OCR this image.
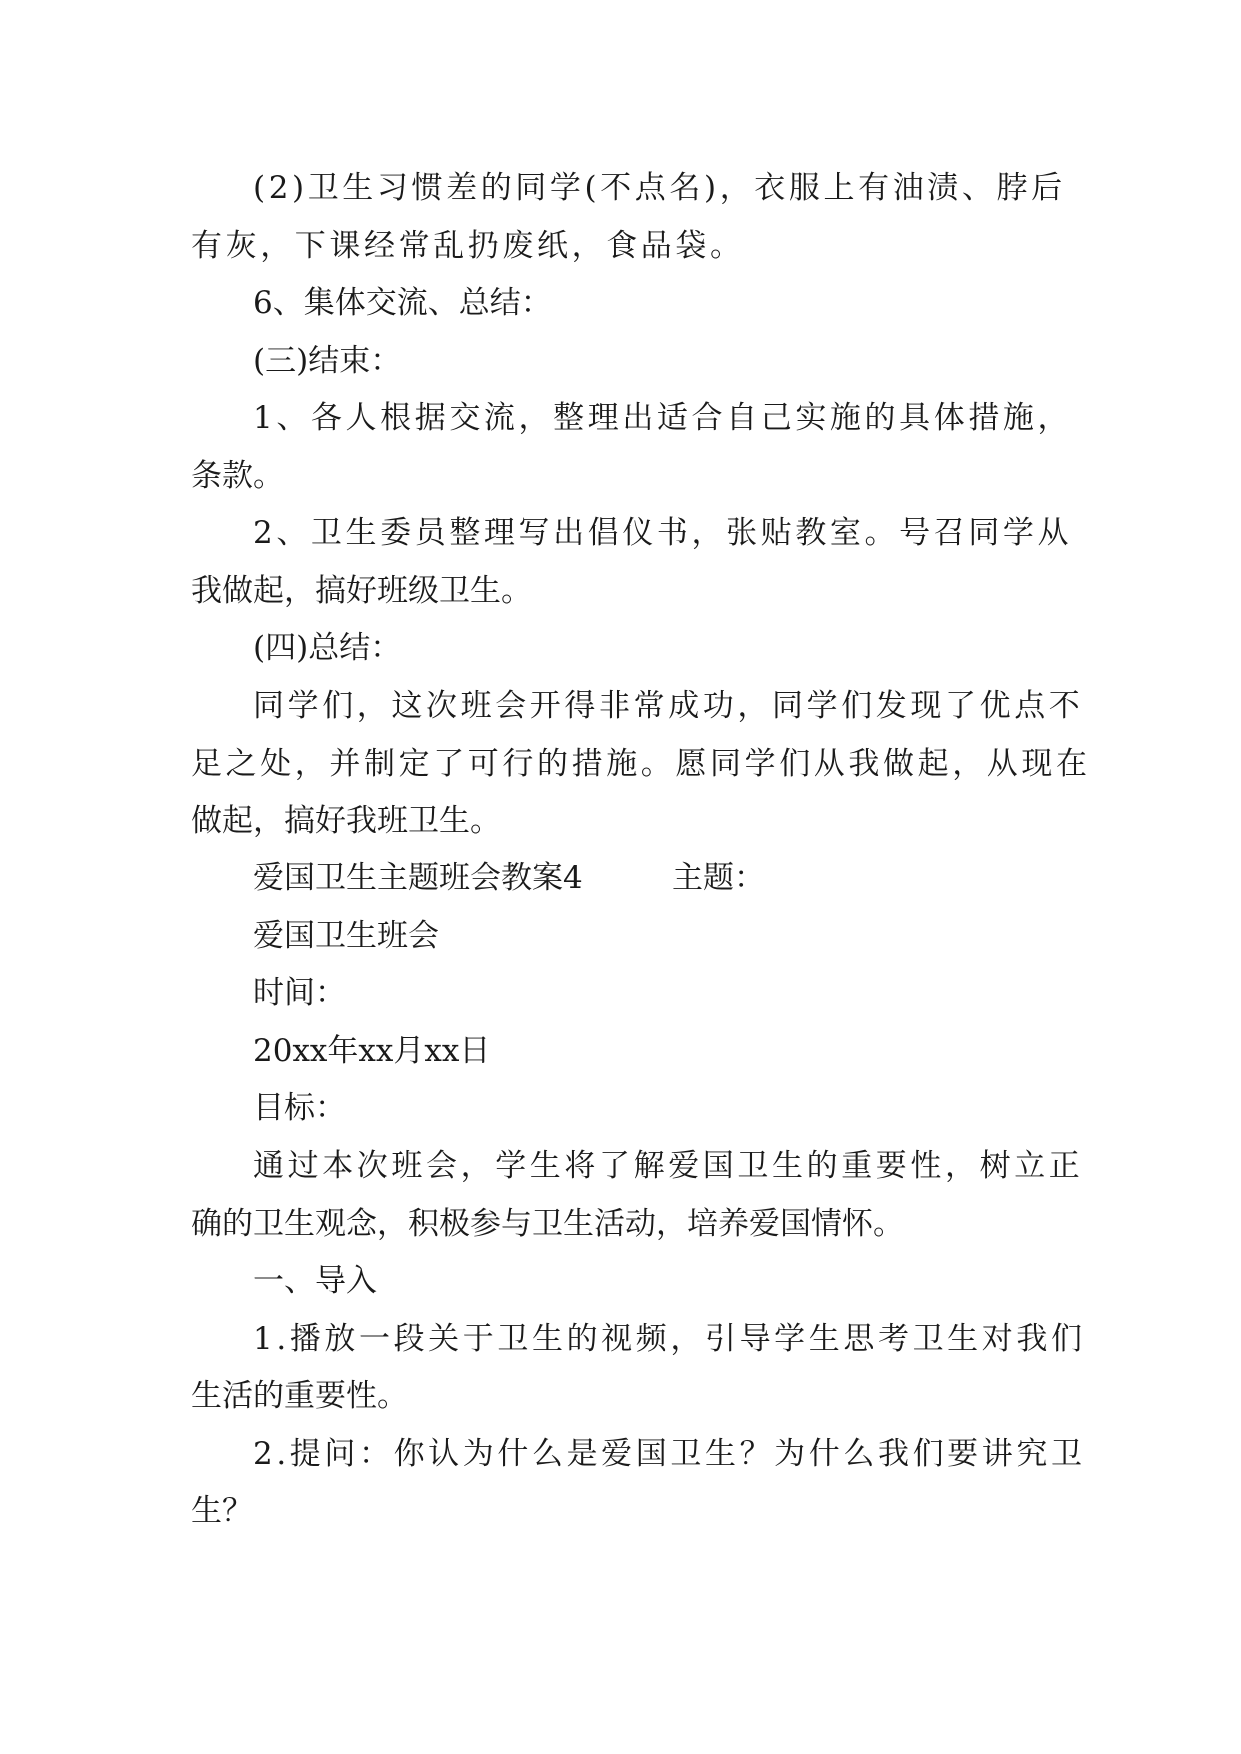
(2)卫生习惯差的同学(不点名)，衣服上有油渍、脖后
有灰，下课经常乱扔废纸，食品袋。
6、集体交流、总结：
(三)结束：
1、各人根据交流，整理出适合自己实施的具体措施，
条款。
2、卫生委员整理写出倡仪书，张贴教室。号召同学从
我做起，搞好班级卫生。
(四)总结：
同学们，这次班会开得非常成功，同学们发现了优点不
足之处，并制定了可行的措施。愿同学们从我做起，从现在
做起，搞好我班卫生。
爱国卫生主题班会教案4	主题：
爱国卫生班会
时间：
20xx年xx月xx日
目标：
通过本次班会，学生将了解爱国卫生的重要性，树立正
确的卫生观念，积极参与卫生活动，培养爱国情怀。
一、导入
1.播放一段关于卫生的视频，引导学生思考卫生对我们
生活的重要性。
2.提问：你认为什么是爱国卫生？为什么我们要讲究卫
生？
